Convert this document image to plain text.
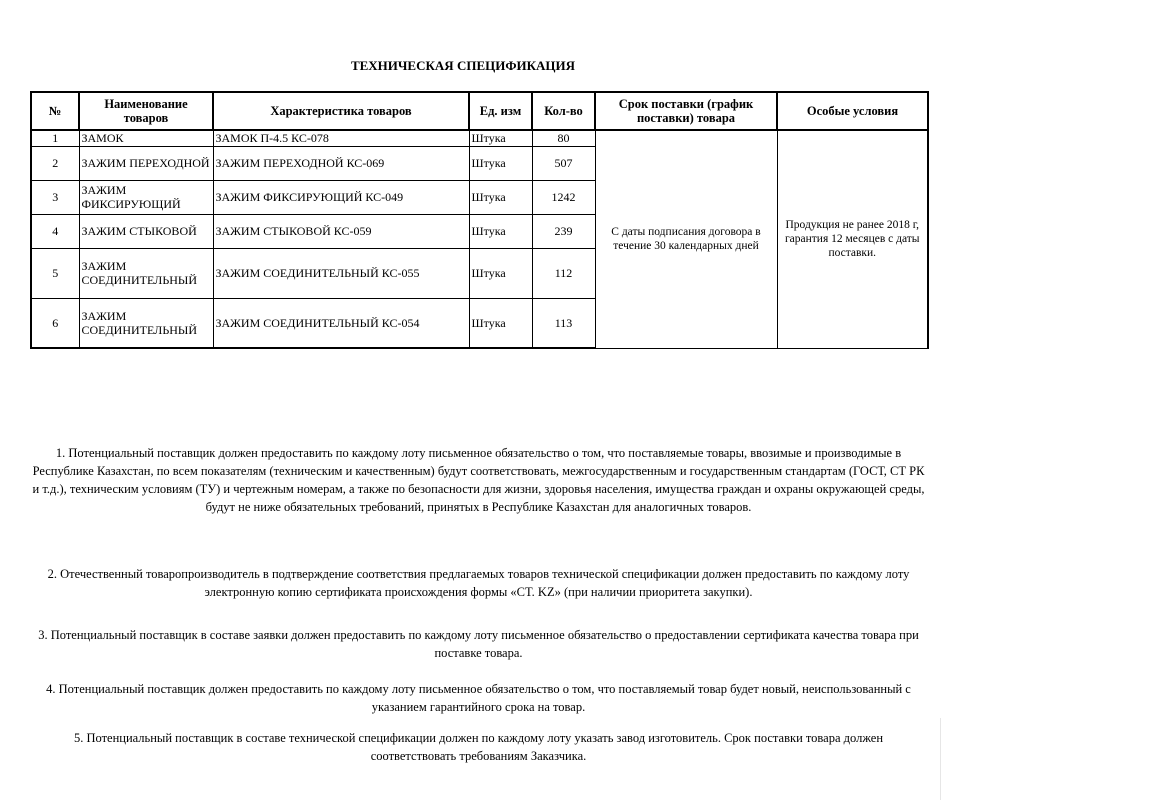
ТЕХНИЧЕСКАЯ СПЕЦИФИКАЦИЯ
№	Наименование товаров	Характеристика товаров	Ед. изм	Кол-во	Срок поставки (график поставки) товара	Особые условия
1	ЗАМОК	ЗАМОК П-4.5 КС-078	Штука	80	С даты подписания договора в течение 30 календарных дней	Продукция не ранее 2018 г, гарантия 12 месяцев с даты поставки.
2	ЗАЖИМ ПЕРЕХОДНОЙ	ЗАЖИМ ПЕРЕХОДНОЙ КС-069	Штука	507		
3	ЗАЖИМ ФИКСИРУЮЩИЙ	ЗАЖИМ ФИКСИРУЮЩИЙ КС-049	Штука	1242		
4	ЗАЖИМ СТЫКОВОЙ	ЗАЖИМ СТЫКОВОЙ КС-059	Штука	239		
5	ЗАЖИМ СОЕДИНИТЕЛЬНЫЙ	ЗАЖИМ СОЕДИНИТЕЛЬНЫЙ КС-055	Штука	112		
6	ЗАЖИМ СОЕДИНИТЕЛЬНЫЙ	ЗАЖИМ СОЕДИНИТЕЛЬНЫЙ КС-054	Штука	113		
1. Потенциальный поставщик должен предоставить по каждому лоту письменное обязательство о том, что поставляемые товары, ввозимые и производимые в Республике Казахстан, по всем показателям (техническим и качественным) будут соответствовать, межгосударственным и государственным стандартам (ГОСТ, СТ РК и т.д.), техническим условиям (ТУ) и чертежным номерам, а также по безопасности для жизни, здоровья населения, имущества граждан и охраны окружающей среды, будут не ниже обязательных требований, принятых в Республике Казахстан для аналогичных товаров.
2. Отечественный товаропроизводитель в подтверждение соответствия предлагаемых товаров технической спецификации должен предоставить по каждому лоту электронную копию сертификата происхождения формы «CT. KZ» (при наличии приоритета закупки).
3. Потенциальный поставщик в составе заявки должен предоставить по каждому лоту письменное обязательство о предоставлении сертификата качества товара при поставке товара.
4. Потенциальный поставщик должен предоставить по каждому лоту письменное обязательство о том, что поставляемый товар будет новый, неиспользованный с указанием гарантийного срока на товар.
5. Потенциальный поставщик в составе технической спецификации должен по каждому лоту указать завод изготовитель. Срок поставки товара должен соответствовать требованиям Заказчика.
